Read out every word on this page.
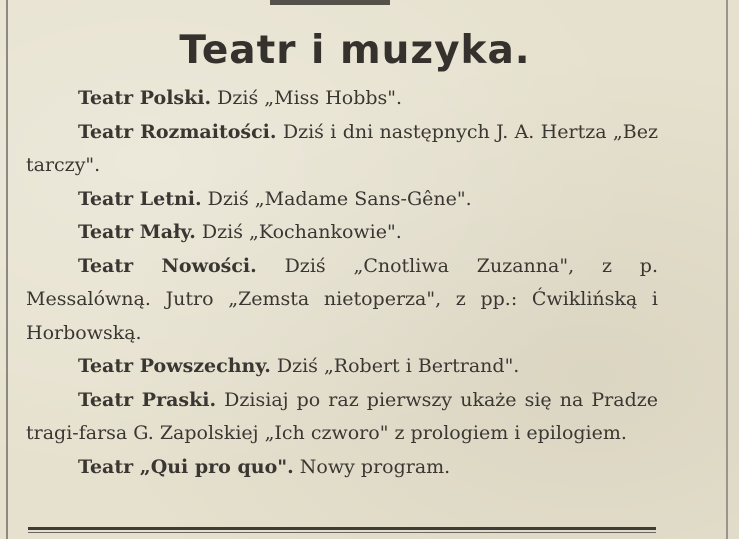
Teatr i muzyka.

Teatr Polski. Dziś „Miss Hobbs".

Teatr Rozmaitości. Dziś i dni następnych J. A. Hertza „Bez tarczy".

Teatr Letni. Dziś „Madame Sans-Gêne".

Teatr Mały. Dziś „Kochankowie".

Teatr Nowości. Dziś „Cnotliwa Zuzanna", z p. Messalówną. Jutro „Zemsta nietoperza", z pp.: Ćwiklińską i Horbowską.

Teatr Powszechny. Dziś „Robert i Bertrand".

Teatr Praski. Dzisiaj po raz pierwszy ukaże się na Pradze tragi-farsa G. Zapolskiej „Ich czworo" z prologiem i epilogiem.

Teatr „Qui pro quo". Nowy program.
